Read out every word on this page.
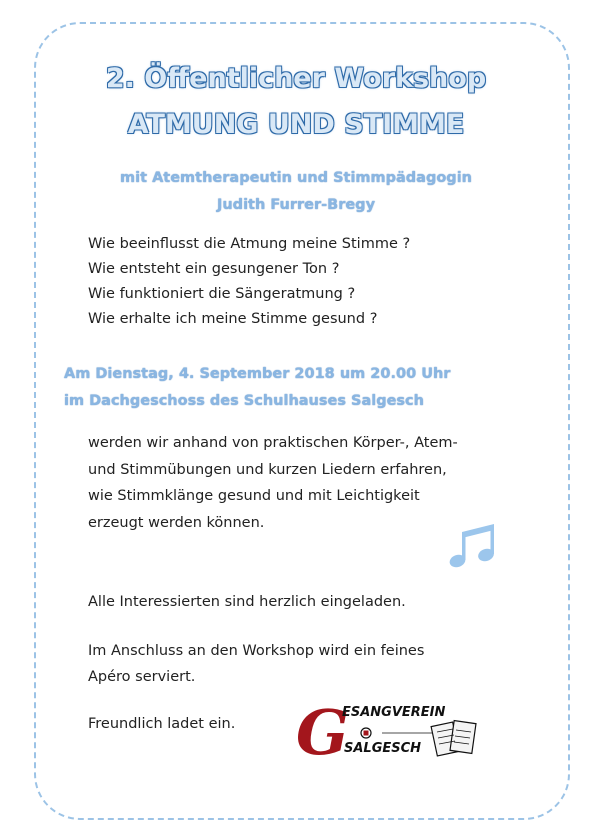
2. Öffentlicher Workshop
ATMUNG UND STIMME
mit Atemtherapeutin und Stimmpädagogin
Judith Furrer-Bregy
Wie beeinflusst die Atmung meine Stimme ?
Wie entsteht ein gesungener Ton ?
Wie funktioniert die Sängeratmung ?
Wie erhalte ich meine Stimme gesund ?
Am Dienstag, 4. September 2018 um 20.00 Uhr
im Dachgeschoss des Schulhauses Salgesch
werden wir anhand von praktischen Körper-, Atem-
und Stimmübungen und kurzen Liedern erfahren,
wie Stimmklänge gesund und mit Leichtigkeit
erzeugt werden können.
Alle Interessierten sind herzlich eingeladen.
Im Anschluss an den Workshop wird ein feines
Apéro serviert.
Freundlich ladet ein. G
ESANGVEREIN
SALGESCH
